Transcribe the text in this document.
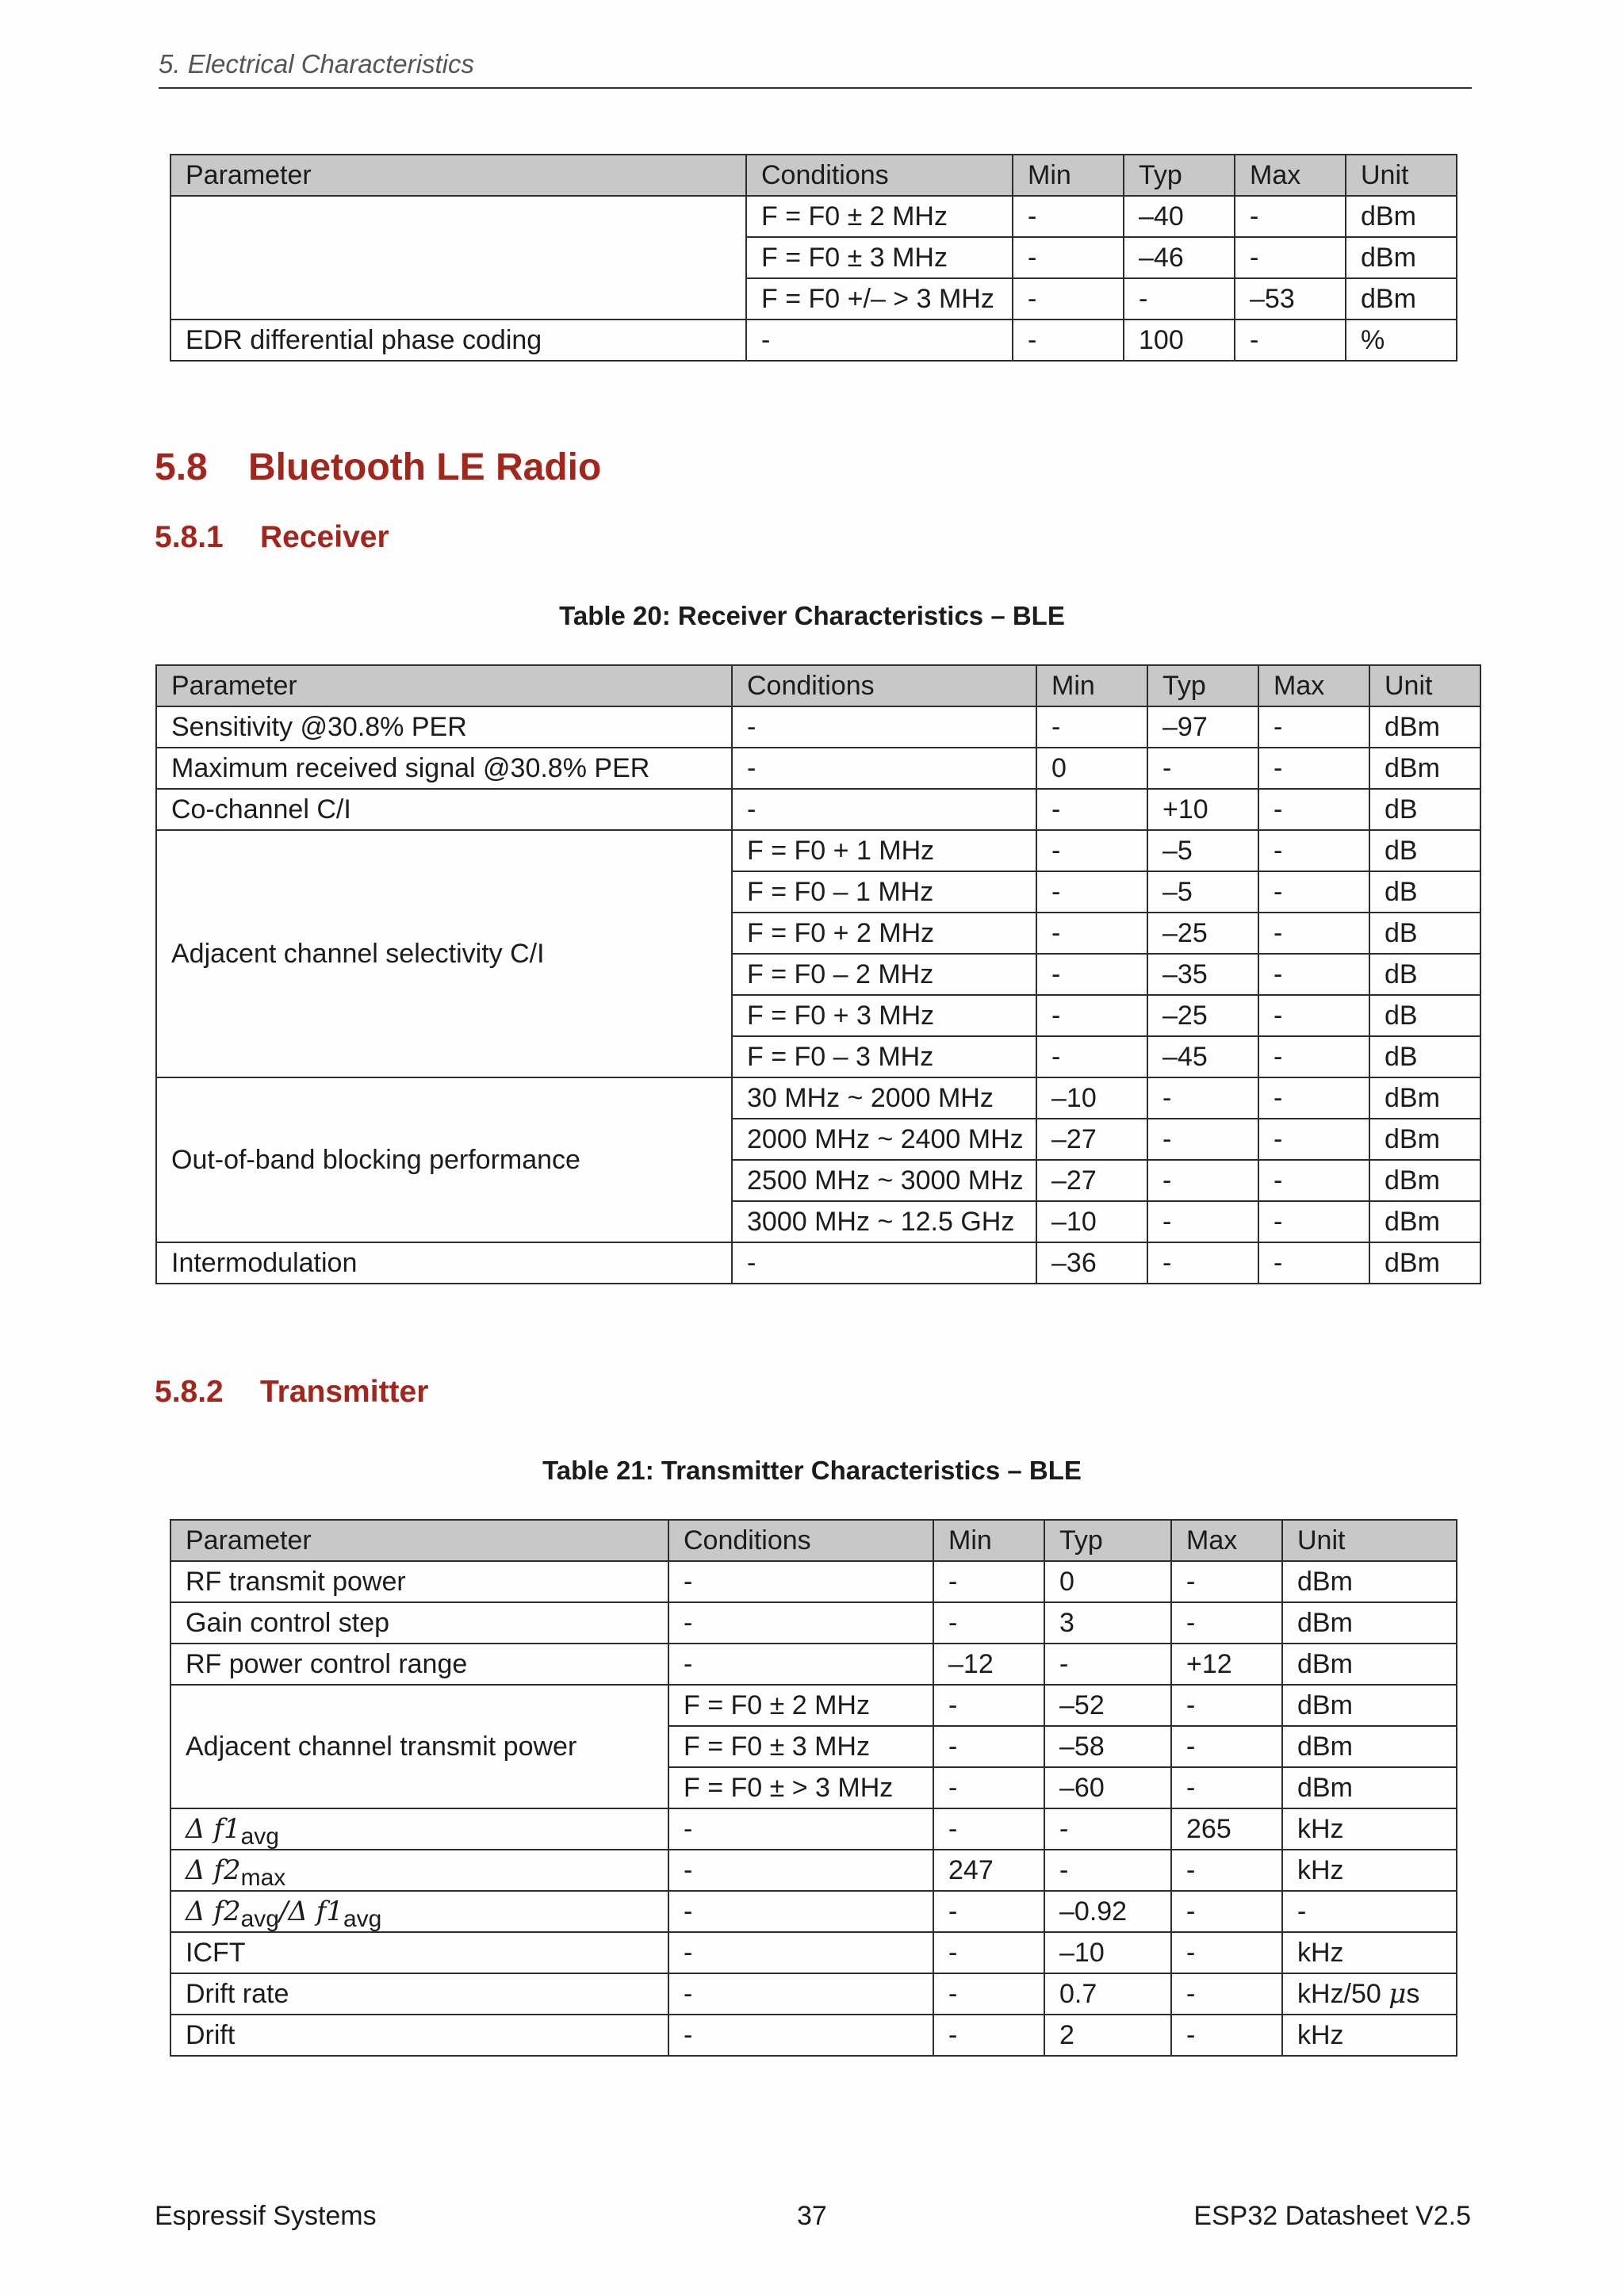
5. Electrical Characteristics
Parameter	Conditions	Min	Typ	Max	Unit
	F = F0 ± 2 MHz	-	–40	-	dBm
	F = F0 ± 3 MHz	-	–46	-	dBm
	F = F0 +/– > 3 MHz	-	-	–53	dBm
EDR differential phase coding	-	-	100	-	%
5.8 Bluetooth LE Radio
5.8.1 Receiver
Table 20: Receiver Characteristics – BLE
Parameter	Conditions	Min	Typ	Max	Unit
Sensitivity @30.8% PER	-	-	–97	-	dBm
Maximum received signal @30.8% PER	-	0	-	-	dBm
Co-channel C/I	-	-	+10	-	dB
Adjacent channel selectivity C/I	F = F0 + 1 MHz	-	–5	-	dB
	F = F0 – 1 MHz	-	–5	-	dB
	F = F0 + 2 MHz	-	–25	-	dB
	F = F0 – 2 MHz	-	–35	-	dB
	F = F0 + 3 MHz	-	–25	-	dB
	F = F0 – 3 MHz	-	–45	-	dB
Out-of-band blocking performance	30 MHz ~ 2000 MHz	–10	-	-	dBm
	2000 MHz ~ 2400 MHz	–27	-	-	dBm
	2500 MHz ~ 3000 MHz	–27	-	-	dBm
	3000 MHz ~ 12.5 GHz	–10	-	-	dBm
Intermodulation	-	–36	-	-	dBm
5.8.2 Transmitter
Table 21: Transmitter Characteristics – BLE
Parameter	Conditions	Min	Typ	Max	Unit
RF transmit power	-	-	0	-	dBm
Gain control step	-	-	3	-	dBm
RF power control range	-	–12	-	+12	dBm
Adjacent channel transmit power	F = F0 ± 2 MHz	-	–52	-	dBm
	F = F0 ± 3 MHz	-	–58	-	dBm
	F = F0 ± > 3 MHz	-	–60	-	dBm
Δ f1avg	-	-	-	265	kHz
Δ f2max	-	247	-	-	kHz
Δ f2avg/Δ f1avg	-	-	–0.92	-	-
ICFT	-	-	–10	-	kHz
Drift rate	-	-	0.7	-	kHz/50 μs
Drift	-	-	2	-	kHz
Espressif Systems	37	ESP32 Datasheet V2.5
